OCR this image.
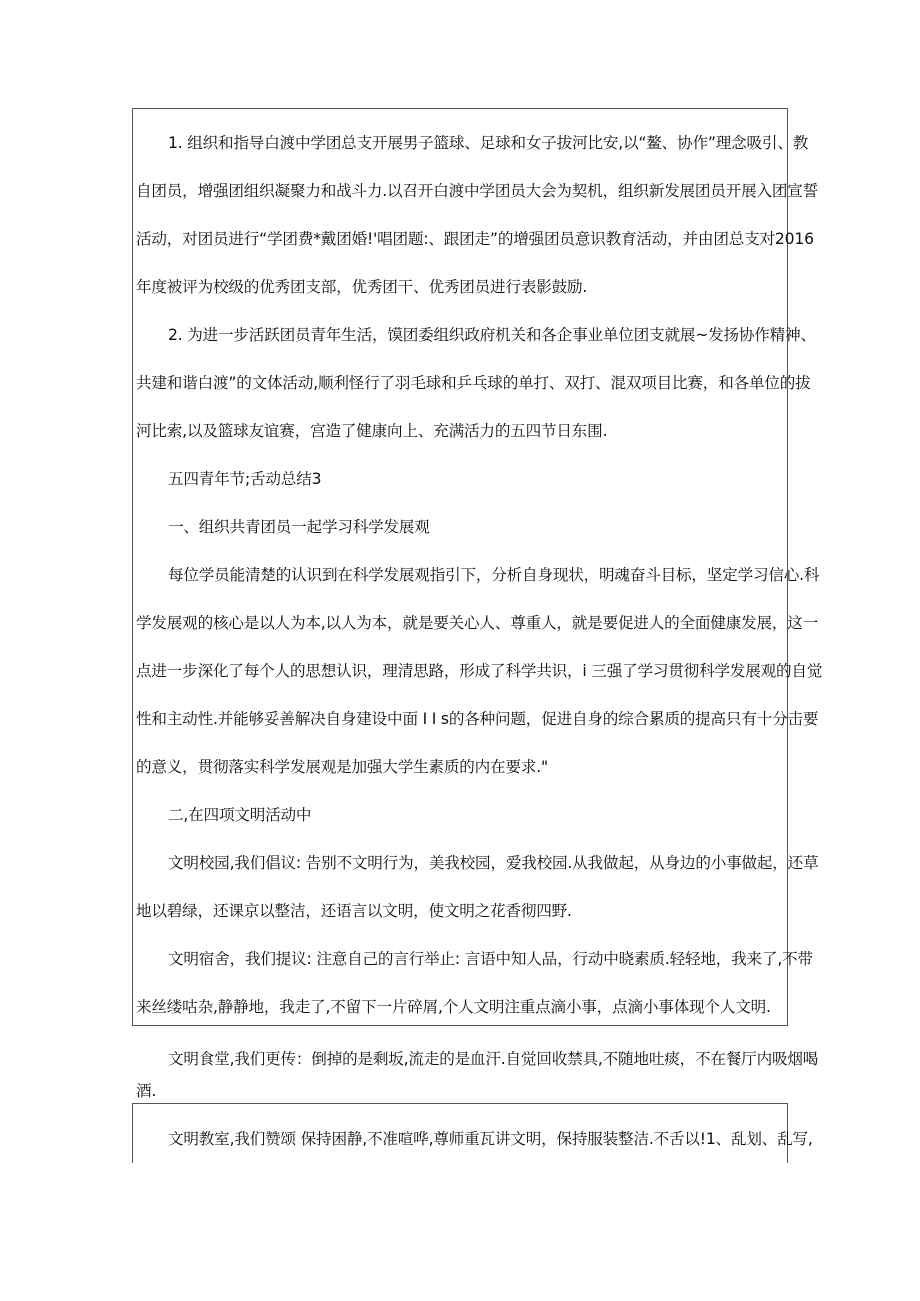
1. 组织和指导白渡中学团总支开展男子篮球、足球和女子拔河比安,以“鳌、协作”理念吸引、教
自团员，增强团组织凝聚力和战斗力.以召开白渡中学团员大会为契机，组织新发展团员开展入团宣誓
活动，对团员进行“学团费*戴团婚!'唱团题:、跟团走”的增强团员意识教育活动，并由团总支对2016
年度被评为校级的优秀团支部，优秀团干、优秀团员进行表影鼓励.
2. 为进一步活跃团员青年生活，馍团委组织政府机关和各企事业单位团支就展~发扬协作精神、
共建和谐白渡”的文体活动,顺利怪行了羽毛球和乒乓球的单打、双打、混双项目比赛，和各单位的拔
河比索,以及篮球友谊赛，宫造了健康向上、充满活力的五四节日东围.
五四青年节;舌动总结3
一、组织共青团员一起学习科学发展观
每位学员能清楚的认识到在科学发展观指引下，分析自身现状，明魂奋斗目标，坚定学习信心.科
学发展观的核心是以人为本,以人为本，就是要关心人、尊重人，就是要促进人的全面健康发展，这一
点进一步深化了每个人的思想认识，理清思路，形成了科学共识，i 三强了学习贯彻科学发展观的自觉
性和主动性.并能够妥善解决自身建设中面 I I s的各种问题，促进自身的综合累质的提高只有十分击要
的意义，贯彻落实科学发展观是加强大学生素质的内在要求."
二,在四项文明活动中
文明校园,我们倡议: 告别不文明行为，美我校园，爱我校园.从我做起，从身边的小事做起，还草
地以碧绿，还课京以整洁，还语言以文明，使文明之花香彻四野.
文明宿舍，我们提议: 注意自己的言行举止: 言语中知人品，行动中晓素质.轻轻地，我来了,不带
来丝缕咕杂,静静地，我走了,不留下一片碎屑,个人文明注重点滴小事，点滴小事体现个人文明.
文明食堂,我们更传：倒掉的是剩坂,流走的是血汗.自觉回收禁具,不随地吐痰，不在餐厅内吸烟喝
酒.
文明教室,我们赞颂 保持困静,不准喧哗,尊师重瓦讲文明，保持服装整洁.不舌以!1、乱划、乱写,
